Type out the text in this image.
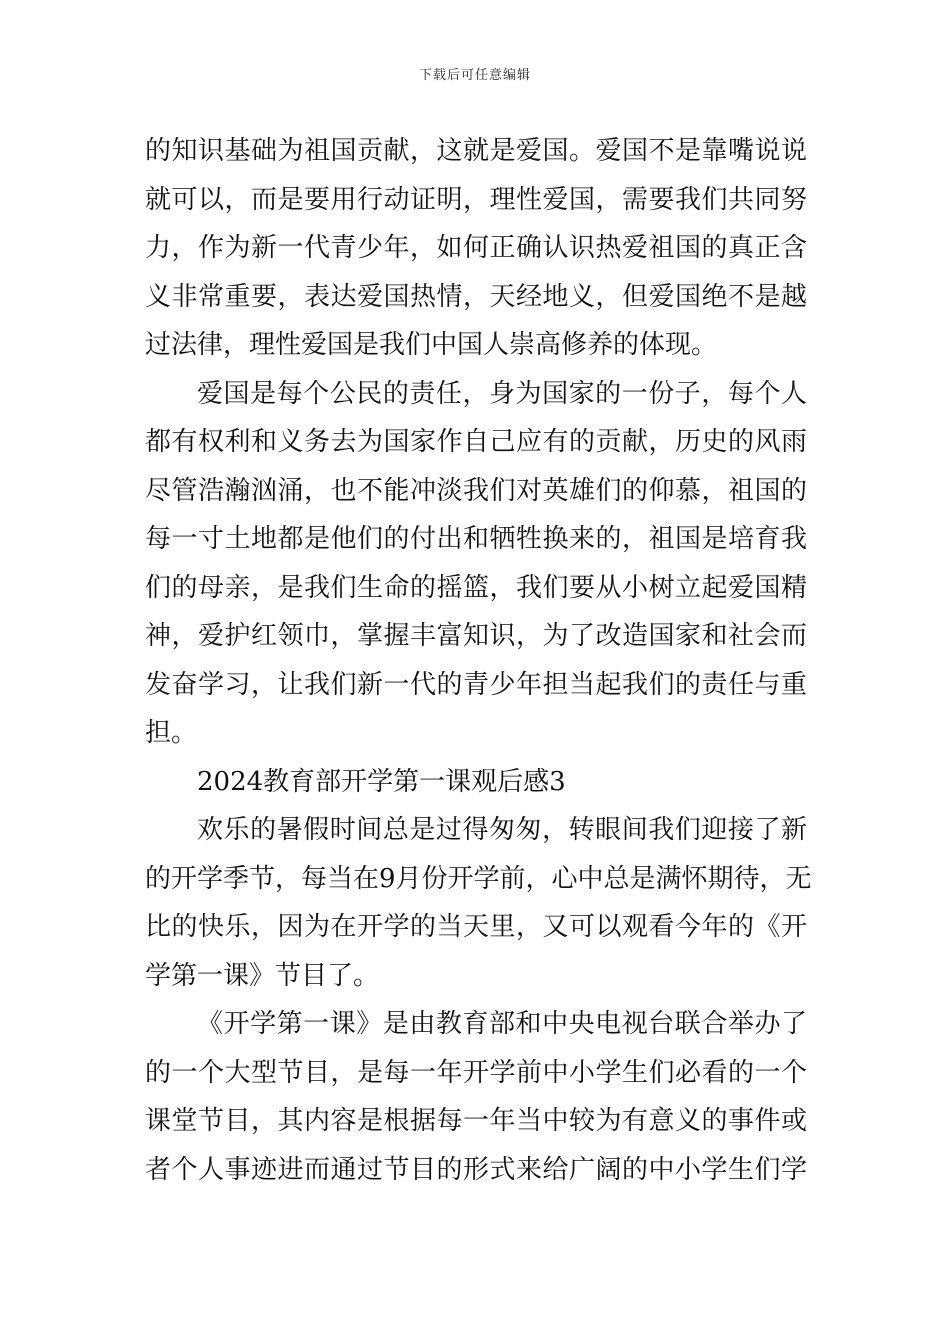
下载后可任意编辑
的知识基础为祖国贡献，这就是爱国。爱国不是靠嘴说说
就可以，而是要用行动证明，理性爱国，需要我们共同努
力，作为新一代青少年，如何正确认识热爱祖国的真正含
义非常重要，表达爱国热情，天经地义，但爱国绝不是越
过法律，理性爱国是我们中国人崇高修养的体现。
爱国是每个公民的责任，身为国家的一份子，每个人
都有权利和义务去为国家作自己应有的贡献，历史的风雨
尽管浩瀚汹涌，也不能冲淡我们对英雄们的仰慕，祖国的
每一寸土地都是他们的付出和牺牲换来的，祖国是培育我
们的母亲，是我们生命的摇篮，我们要从小树立起爱国精
神，爱护红领巾，掌握丰富知识，为了改造国家和社会而
发奋学习，让我们新一代的青少年担当起我们的责任与重
担。
2024教育部开学第一课观后感3
欢乐的暑假时间总是过得匆匆，转眼间我们迎接了新
的开学季节，每当在9月份开学前，心中总是满怀期待，无
比的快乐，因为在开学的当天里，又可以观看今年的《开
学第一课》节目了。
《开学第一课》是由教育部和中央电视台联合举办了
的一个大型节目，是每一年开学前中小学生们必看的一个
课堂节目，其内容是根据每一年当中较为有意义的事件或
者个人事迹进而通过节目的形式来给广阔的中小学生们学
